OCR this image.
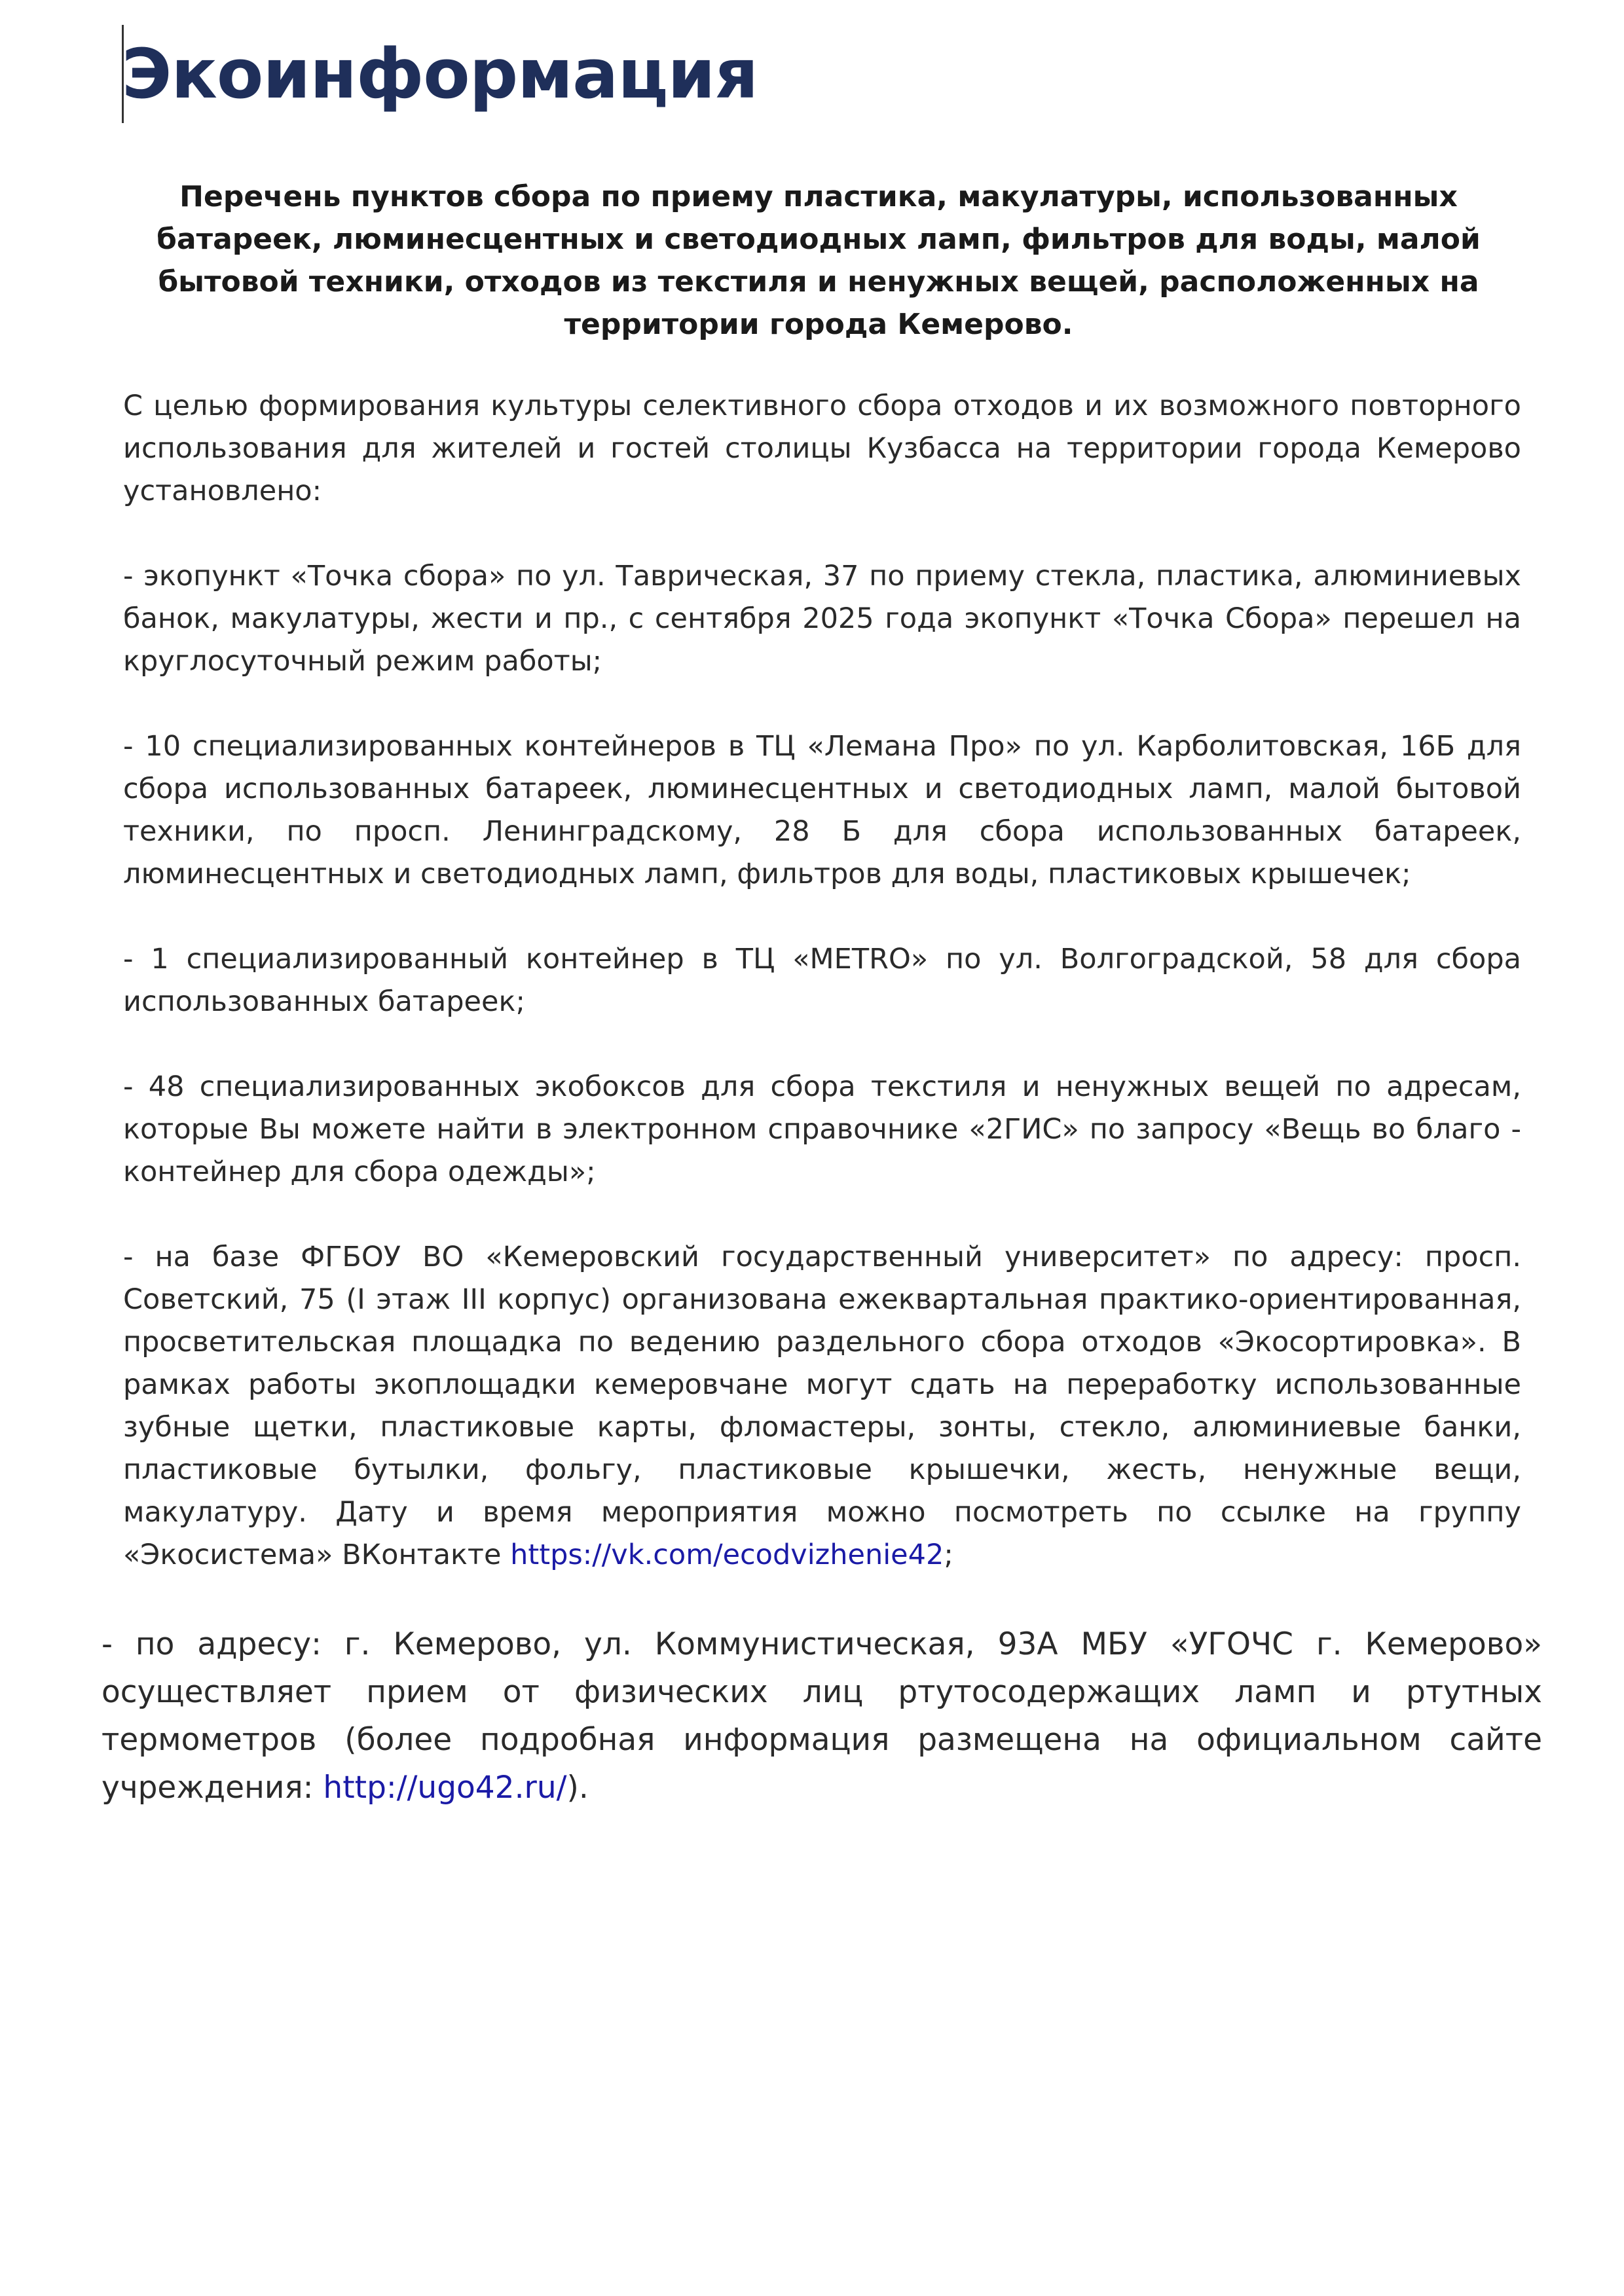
Экоинформация

Перечень пунктов сбора по приему пластика, макулатуры, использованных батареек, люминесцентных и светодиодных ламп, фильтров для воды, малой бытовой техники, отходов из текстиля и ненужных вещей, расположенных на территории города Кемерово.

С целью формирования культуры селективного сбора отходов и их возможного повторного использования для жителей и гостей столицы Кузбасса на территории города Кемерово установлено:

- экопункт «Точка сбора» по ул. Таврическая, 37 по приему стекла, пластика, алюминиевых банок, макулатуры, жести и пр., с сентября 2025 года экопункт «Точка Сбора» перешел на круглосуточный режим работы;

- 10 специализированных контейнеров в ТЦ «Лемана Про» по ул. Карболитовская, 16Б для сбора использованных батареек, люминесцентных и светодиодных ламп, малой бытовой техники, по просп. Ленинградскому, 28 Б для сбора использованных батареек, люминесцентных и светодиодных ламп, фильтров для воды, пластиковых крышечек;

- 1 специализированный контейнер в ТЦ «METRO» по ул. Волгоградской, 58 для сбора использованных батареек;

- 48 специализированных экобоксов для сбора текстиля и ненужных вещей по адресам, которые Вы можете найти в электронном справочнике «2ГИС» по запросу «Вещь во благо - контейнер для сбора одежды»;

- на базе ФГБОУ ВО «Кемеровский государственный университет» по адресу: просп. Советский, 75 (I этаж III корпус) организована ежеквартальная практико-ориентированная, просветительская площадка по ведению раздельного сбора отходов «Экосортировка». В рамках работы экоплощадки кемеровчане могут сдать на переработку использованные зубные щетки, пластиковые карты, фломастеры, зонты, стекло, алюминиевые банки, пластиковые бутылки, фольгу, пластиковые крышечки, жесть, ненужные вещи, макулатуру. Дату и время мероприятия можно посмотреть по ссылке на группу «Экосистема» ВКонтакте https://vk.com/ecodvizhenie42;

- по адресу: г. Кемерово, ул. Коммунистическая, 93А МБУ «УГОЧС г. Кемерово» осуществляет прием от физических лиц ртутосодержащих ламп и ртутных термометров (более подробная информация размещена на официальном сайте учреждения: http://ugo42.ru/).
